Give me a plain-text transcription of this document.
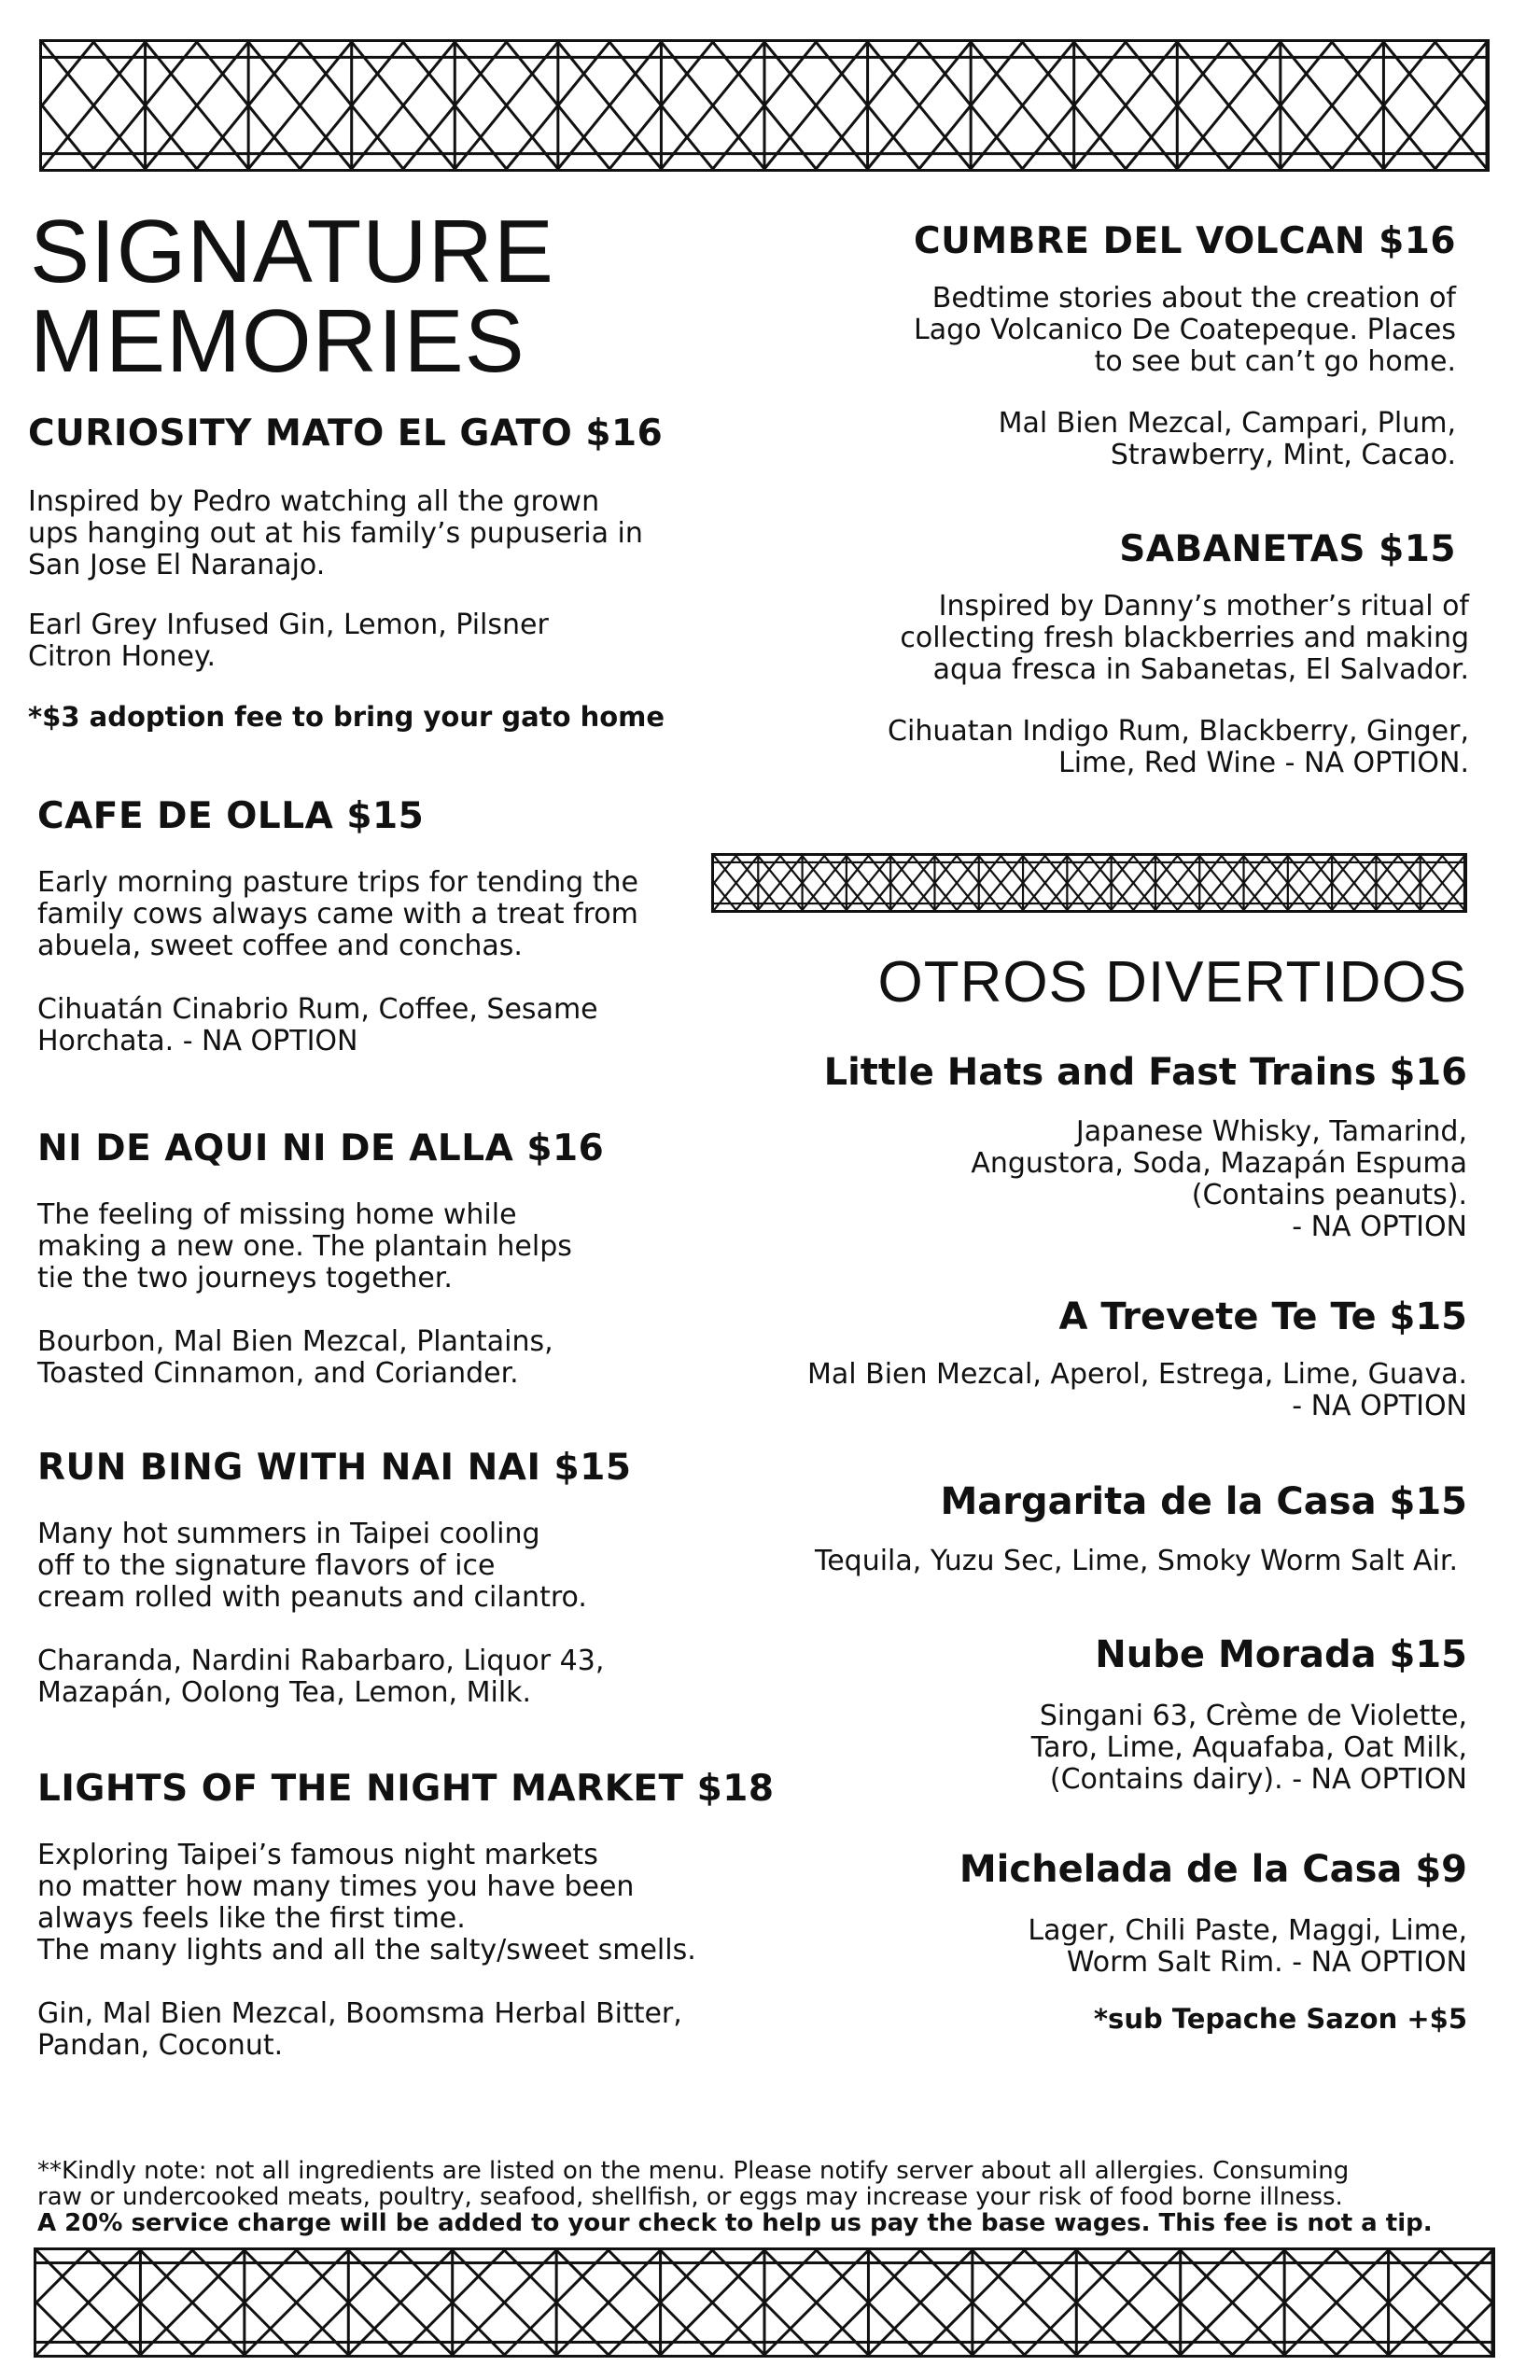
SIGNATURE
MEMORIES

CURIOSITY MATO EL GATO $16

Inspired by Pedro watching all the grown
ups hanging out at his family’s pupuseria in
San Jose El Naranajo.

Earl Grey Infused Gin, Lemon, Pilsner
Citron Honey.

*$3 adoption fee to bring your gato home

CAFE DE OLLA $15

Early morning pasture trips for tending the
family cows always came with a treat from
abuela, sweet coffee and conchas.

Cihuatán Cinabrio Rum, Coffee, Sesame
Horchata. - NA OPTION

NI DE AQUI NI DE ALLA $16

The feeling of missing home while
making a new one. The plantain helps
tie the two journeys together.

Bourbon, Mal Bien Mezcal, Plantains,
Toasted Cinnamon, and Coriander.

RUN BING WITH NAI NAI $15

Many hot summers in Taipei cooling
off to the signature flavors of ice
cream rolled with peanuts and cilantro.

Charanda, Nardini Rabarbaro, Liquor 43,
Mazapán, Oolong Tea, Lemon, Milk.

LIGHTS OF THE NIGHT MARKET $18

Exploring Taipei’s famous night markets
no matter how many times you have been
always feels like the first time.
The many lights and all the salty/sweet smells.

Gin, Mal Bien Mezcal, Boomsma Herbal Bitter,
Pandan, Coconut.

CUMBRE DEL VOLCAN $16

Bedtime stories about the creation of
Lago Volcanico De Coatepeque. Places
to see but can’t go home.

Mal Bien Mezcal, Campari, Plum,
Strawberry, Mint, Cacao.

SABANETAS $15

Inspired by Danny’s mother’s ritual of
collecting fresh blackberries and making
aqua fresca in Sabanetas, El Salvador.

Cihuatan Indigo Rum, Blackberry, Ginger,
Lime, Red Wine - NA OPTION.

OTROS DIVERTIDOS

Little Hats and Fast Trains $16

Japanese Whisky, Tamarind,
Angustora, Soda, Mazapán Espuma
(Contains peanuts).
- NA OPTION

A Trevete Te Te $15

Mal Bien Mezcal, Aperol, Estrega, Lime, Guava.
- NA OPTION

Margarita de la Casa $15

Tequila, Yuzu Sec, Lime, Smoky Worm Salt Air.

Nube Morada $15

Singani 63, Crème de Violette,
Taro, Lime, Aquafaba, Oat Milk,
(Contains dairy). - NA OPTION

Michelada de la Casa $9

Lager, Chili Paste, Maggi, Lime,
Worm Salt Rim. - NA OPTION

*sub Tepache Sazon +$5

**Kindly note: not all ingredients are listed on the menu. Please notify server about all allergies. Consuming
raw or undercooked meats, poultry, seafood, shellfish, or eggs may increase your risk of food borne illness.

A 20% service charge will be added to your check to help us pay the base wages. This fee is not a tip.
